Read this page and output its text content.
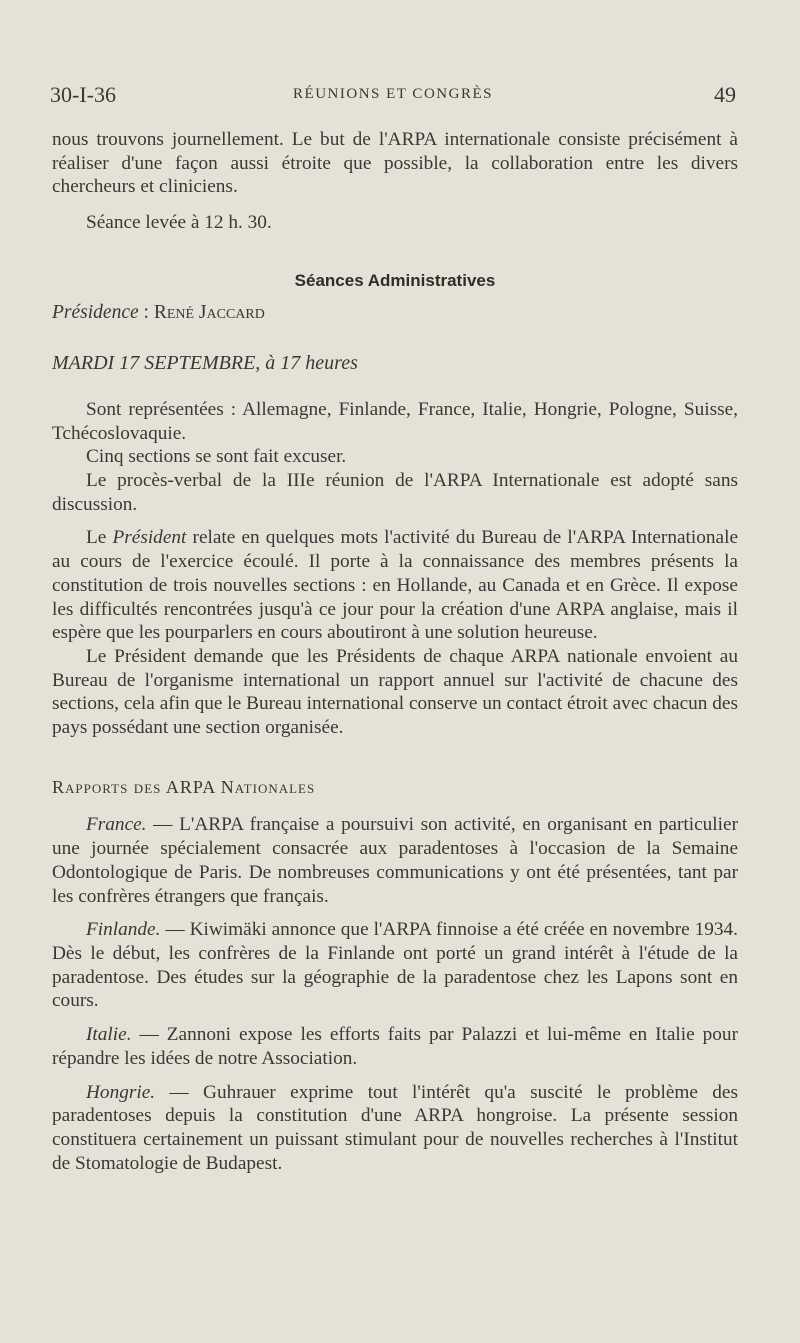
30-I-36	RÉUNIONS ET CONGRÈS	49

nous trouvons journellement. Le but de l'ARPA internationale consiste précisément à réaliser d'une façon aussi étroite que possible, la collaboration entre les divers chercheurs et cliniciens.

Séance levée à 12 h. 30.

Séances Administratives

Présidence : René Jaccard

MARDI 17 SEPTEMBRE, à 17 heures

Sont représentées : Allemagne, Finlande, France, Italie, Hongrie, Pologne, Suisse, Tchécoslovaquie.

Cinq sections se sont fait excuser.

Le procès-verbal de la IIIe réunion de l'ARPA Internationale est adopté sans discussion.

Le Président relate en quelques mots l'activité du Bureau de l'ARPA Internationale au cours de l'exercice écoulé. Il porte à la connaissance des membres présents la constitution de trois nouvelles sections : en Hollande, au Canada et en Grèce. Il expose les difficultés rencontrées jusqu'à ce jour pour la création d'une ARPA anglaise, mais il espère que les pourparlers en cours aboutiront à une solution heureuse.

Le Président demande que les Présidents de chaque ARPA nationale envoient au Bureau de l'organisme international un rapport annuel sur l'activité de chacune des sections, cela afin que le Bureau international conserve un contact étroit avec chacun des pays possédant une section organisée.

Rapports des ARPA Nationales

France. — L'ARPA française a poursuivi son activité, en organisant en particulier une journée spécialement consacrée aux paradentoses à l'occasion de la Semaine Odontologique de Paris. De nombreuses communications y ont été présentées, tant par les confrères étrangers que français.

Finlande. — Kiwimäki annonce que l'ARPA finnoise a été créée en novembre 1934. Dès le début, les confrères de la Finlande ont porté un grand intérêt à l'étude de la paradentose. Des études sur la géographie de la paradentose chez les Lapons sont en cours.

Italie. — Zannoni expose les efforts faits par Palazzi et lui-même en Italie pour répandre les idées de notre Association.

Hongrie. — Guhrauer exprime tout l'intérêt qu'a suscité le problème des paradentoses depuis la constitution d'une ARPA hongroise. La présente session constituera certainement un puissant stimulant pour de nouvelles recherches à l'Institut de Stomatologie de Budapest.
